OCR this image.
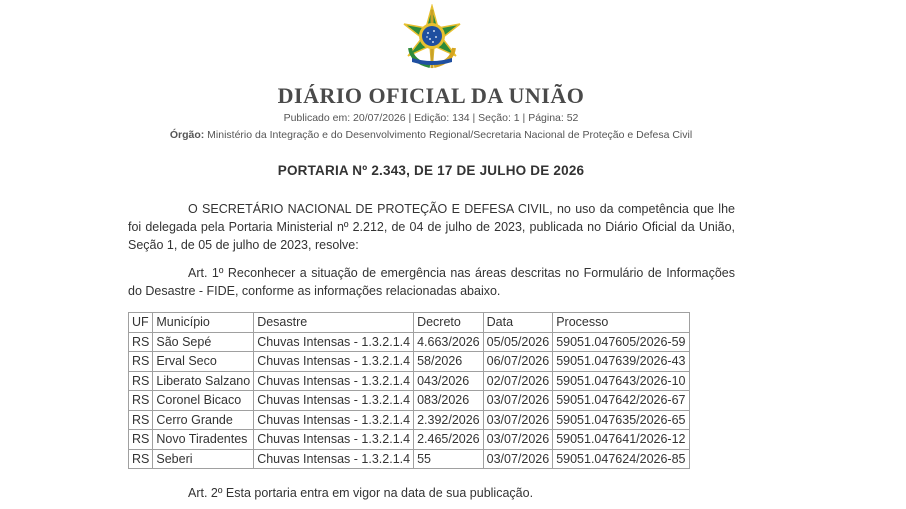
DIÁRIO OFICIAL DA UNIÃO
Publicado em: 20/07/2026 | Edição: 134 | Seção: 1 | Página: 52
Órgão: Ministério da Integração e do Desenvolvimento Regional/Secretaria Nacional de Proteção e Defesa Civil
PORTARIA Nº 2.343, DE 17 DE JULHO DE 2026
O SECRETÁRIO NACIONAL DE PROTEÇÃO E DEFESA CIVIL, no uso da competência que lhe foi delegada pela Portaria Ministerial nº 2.212, de 04 de julho de 2023, publicada no Diário Oficial da União, Seção 1, de 05 de julho de 2023, resolve:
Art. 1º Reconhecer a situação de emergência nas áreas descritas no Formulário de Informações do Desastre - FIDE, conforme as informações relacionadas abaixo.
UF	Município	Desastre	Decreto	Data	Processo
RS	São Sepé	Chuvas Intensas - 1.3.2.1.4	4.663/2026	05/05/2026	59051.047605/2026-59
RS	Erval Seco	Chuvas Intensas - 1.3.2.1.4	58/2026	06/07/2026	59051.047639/2026-43
RS	Liberato Salzano	Chuvas Intensas - 1.3.2.1.4	043/2026	02/07/2026	59051.047643/2026-10
RS	Coronel Bicaco	Chuvas Intensas - 1.3.2.1.4	083/2026	03/07/2026	59051.047642/2026-67
RS	Cerro Grande	Chuvas Intensas - 1.3.2.1.4	2.392/2026	03/07/2026	59051.047635/2026-65
RS	Novo Tiradentes	Chuvas Intensas - 1.3.2.1.4	2.465/2026	03/07/2026	59051.047641/2026-12
RS	Seberi	Chuvas Intensas - 1.3.2.1.4	55	03/07/2026	59051.047624/2026-85
Art. 2º Esta portaria entra em vigor na data de sua publicação.
